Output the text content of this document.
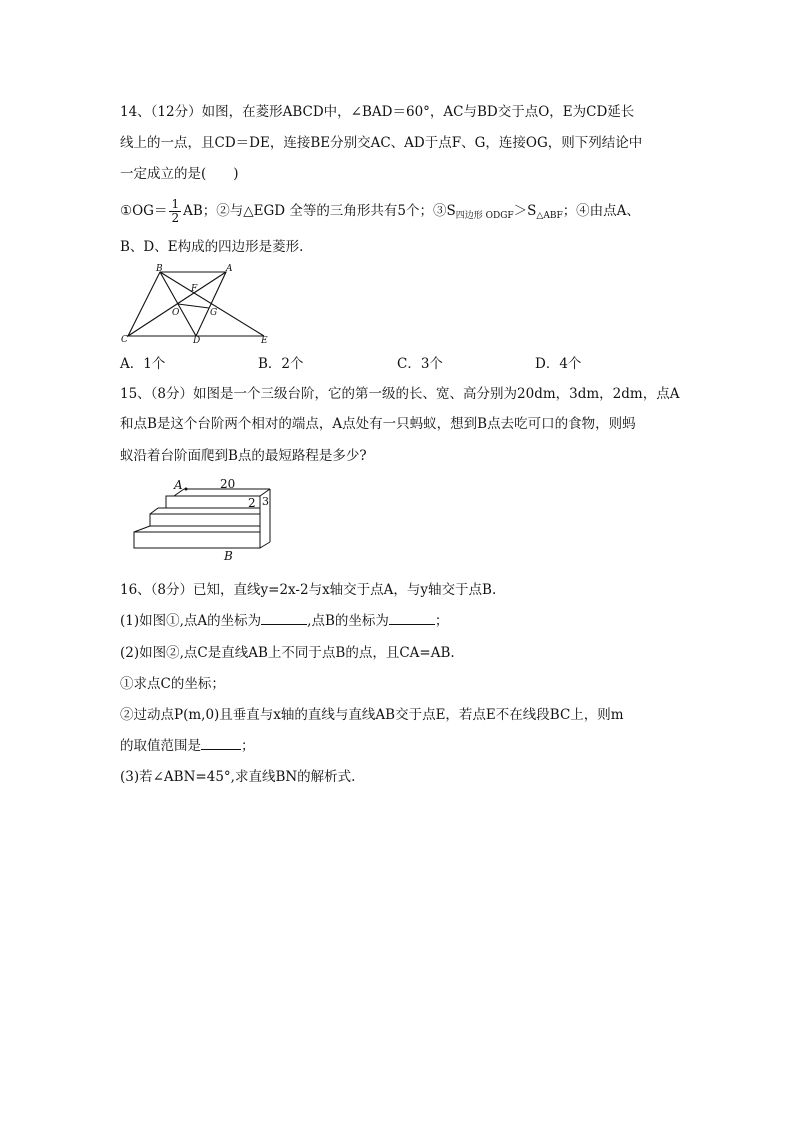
14、（12分）如图，在菱形ABCD中，∠BAD＝60°，AC与BD交于点O，E为CD延长
线上的一点，且CD＝DE，连接BE分别交AC、AD于点F、G，连接OG，则下列结论中
一定成立的是(　　)
①OG＝ $\frac{1}{2}$ AB；②与△EGD 全等的三角形共有5个；$③S_{四边形 ODGF}>S_{\triangle ABF}$；④由点A、
B、D、E构成的四边形是菱形.
B	A
F
O	G
C	D	E
A．1个	B．2个	C．3个	D．4个
15、（8分）如图是一个三级台阶，它的第一级的长、宽、高分别为20dm，3dm，2dm，点A
和点B是这个台阶两个相对的端点，A点处有一只蚂蚁，想到B点去吃可口的食物，则蚂
蚁沿着台阶面爬到B点的最短路程是多少?
A	20
2 3
B
16、（8分）已知，直线y=2x-2与x轴交于点A，与y轴交于点B.
(1)如图①,点A的坐标为	,点B的坐标为	；
(2)如图②,点C是直线AB上不同于点B的点，且CA=AB.
①求点C的坐标；
②过动点P(m,0)且垂直与x轴的直线与直线AB交于点E，若点E不在线段BC上，则m
的取值范围是	；
(3)若∠ABN=45°,求直线BN的解析式.
